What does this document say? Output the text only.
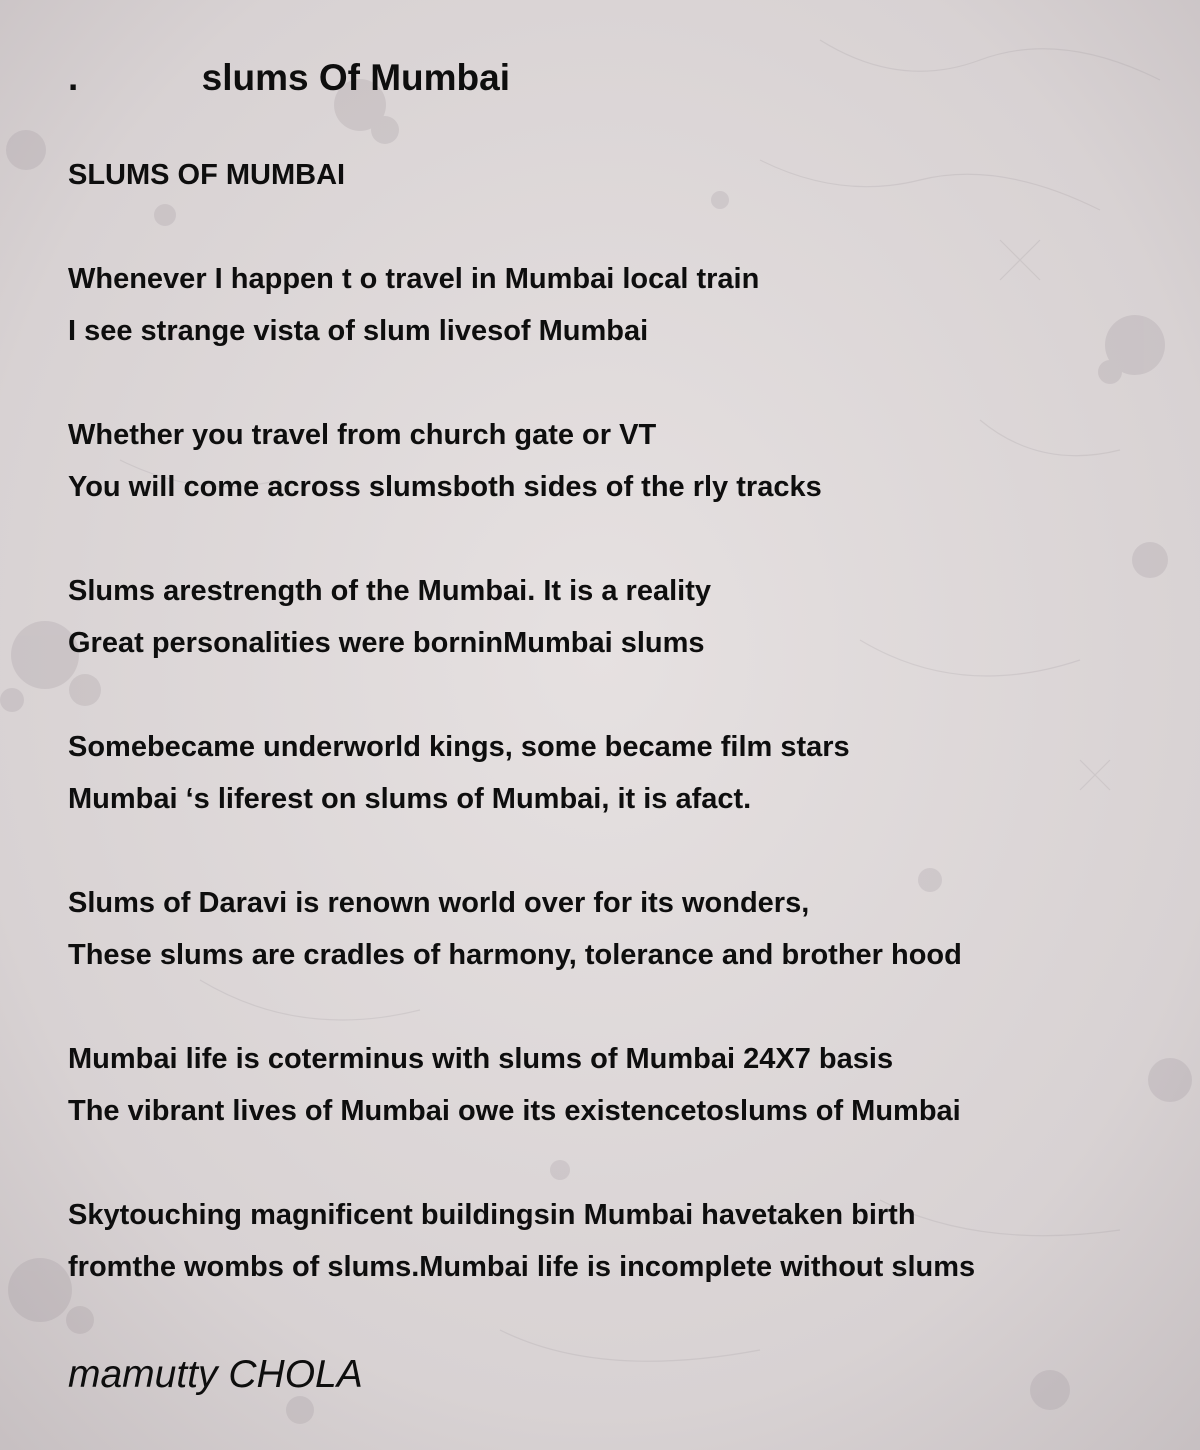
.            slums Of Mumbai

SLUMS OF MUMBAI

Whenever I happen t o travel in Mumbai local train

I see strange vista of slum livesof Mumbai

Whether you travel from church gate or VT

You will come across slumsboth sides of the rly tracks

Slums arestrength of the Mumbai. It is a reality

Great personalities were borninMumbai slums

Somebecame underworld kings, some became film stars

Mumbai ‘s liferest on slums of Mumbai, it is afact.

Slums of Daravi is renown world over for its wonders,

These slums are cradles of harmony, tolerance and brother hood

Mumbai life is coterminus with slums of Mumbai 24X7 basis

The vibrant lives of Mumbai owe its existencetoslums of Mumbai

Skytouching magnificent buildingsin Mumbai havetaken birth

fromthe wombs of slums.Mumbai life is incomplete without slums

mamutty CHOLA
